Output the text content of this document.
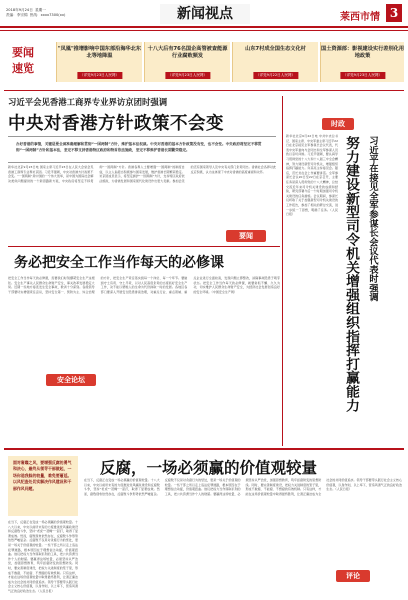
2018年9月24日 星期一
责编：李宗锦 热线：xxxx7300(xx)	新闻视点	莱西市情 3
要闻
速览
"凤凰"推增影响中国东部沿海华北东北等地降温
（详见9月23日人民网）
十八大后有76名国企高管被查能源行业腐败频发
（详见9月23日人民网）
山东7村成全国生态文化村
（详见9月22日人民网）
国土资源部：影视建设实行差别化用地政策
（详见9月23日人民网）
习近平会见香港工商界专业界访京团时强调
中央对香港方针政策不会变
办好香港的事情，关键是要全面准确理解和贯彻“一国两制”方针，维护基本法权威。中央对香港的基本方针政策没有变，也不会变。中央政府将坚定不移贯彻“一国两制”方针和基本法，坚定不移支持香港特区政府和特首依法施政，坚定不移维护香港长期繁荣稳定。
新华社北京9月23日电 国家主席习近平23日在人民大会堂会见香港工商界专业界访京团。习近平强调，中央对香港方针政策不会变。“一国两制”是中国的一个伟大创举，是中国为国际社会解决类似问题提供的一个新思路新方案，中央政府将坚定不移贯彻“一国两制”方针。香港各界人士要增强“一国两制”的制度自信，以主人翁姿态积极参与国家发展，维护香港长期繁荣稳定。访京团成员表示，将坚定拥护“一国两制”方针，支持特区政府依法施政，为香港发展和国家现代化建设作出更大贡献。参加会见的还有国家领导人及中央有关部门负责同志。香港社会各界对此反应积极，认为这体现了中央对香港的高度重视和关怀。
要闻
时政
新华社北京9月22日电 中共中央总书记、国家主席、中央军委主席习近平22日在北京接见全军参谋长会议代表，代表中央军委向与会同志和全军参谋人员致以亲切问候。习近平强调，要认真学习贯彻党的十八大和十八届三中全会精神，努力建设新型司令机关，增强组织指挥打赢能力。许其亮主持接见会。随后，范长龙在会上作重要讲话。全军参谋长会议20日至22日在京召开，主要任务是深入贯彻党的十八大精神，总结交流近年来司令机关建设的成绩和经验，研究部署今后一个时期加强司令机关建设的任务措施。会议期间，参谋长们听取了关于加强新型司令机关建设的工作报告，参加了相关的研讨交流，进一步统一了思想，明确了任务。（人民日报）	习近平在接见全军参谋长会议代表时强调
努力建设新型司令机关增强组织指挥打赢能力
务必把安全工作当作每天的必修课
把安全工作当作每天的必修课，需要我们时刻绷紧安全生产这根弦。安全生产事关人民群众生命财产安全，事关改革发展稳定大局。近期一些地方接连发生安全事故，教训十分深刻。各级领导干部要切实增强责任意识，坚持安全第一、预防为主、综合治理的方针，把安全生产责任落实到每一个岗位、每一个环节。要做到守土有责、守土尽责，以对人民高度负责的态度抓好安全生产工作，决不能以牺牲人的生命为代价换取一时的发展。各地区各部门要深入开展安全隐患排查治理，对重点行业、重点领域、重点企业进行全面检查，发现问题立即整改，消除事故隐患于萌芽状态。把安全工作当作每天的必修课，就要常抓不懈、久久为功，切实维护人民群众生命财产安全，为经济社会发展创造良好的安全环境。（中国安全生产网）
安全论坛
面对奢靡之风，要增强反腐的勇气和决心，最终从领导干部做起，一场你追我躲的较量，难免要蔓延。以风纪查处切实解决作风建设和干部作风问题。
反腐，一场必须赢的价值观较量
在当下，反腐正在变成一场必须赢的价值观较量。十八大以来，中央以前所未有的力度推进党风廉政建设和反腐败斗争，坚持“老虎”“苍蝇”一起打，取得了显著成效。然而，腐败现象依然存在，反腐败斗争形势依然严峻复杂。反腐败不仅是对贪腐行为的惩处，更是一场关于价值观的较量。一些干部之所以走上违法犯罪道路，根本原因在于理想信念动摇，价值观扭曲。他们把权力当作谋取私利的工具，把公共资源当作个人的财富。要赢得这场较量，必须坚持从严治党，加强思想教育，筑牢拒腐防变的思想防线。同时，要完善制度建设，把权力关进制度的笼子里，形成不敢腐、不能腐、不想腐的有效机制。只有这样，才能在这场价值观较量中取得最终胜利，让清正廉洁成为全社会的共同价值追求。领导干部要带头践行社会主义核心价值观，以身作则，以上率下，营造风清气正的良好政治生态。（人民日报）
在当下，反腐正在变成一场必须赢的价值观较量。十八大以来，中央以前所未有的力度推进党风廉政建设和反腐败斗争，坚持“老虎”“苍蝇”一起打，取得了显著成效。然而，腐败现象依然存在，反腐败斗争形势依然严峻复杂。反腐败不仅是对贪腐行为的惩处，更是一场关于价值观的较量。一些干部之所以走上违法犯罪道路，根本原因在于理想信念动摇，价值观扭曲。他们把权力当作谋取私利的工具，把公共资源当作个人的财富。要赢得这场较量，必须坚持从严治党，加强思想教育，筑牢拒腐防变的思想防线。同时，要完善制度建设，把权力关进制度的笼子里，形成不敢腐、不能腐、不想腐的有效机制。只有这样，才能在这场价值观较量中取得最终胜利，让清正廉洁成为全社会的共同价值追求。领导干部要带头践行社会主义核心价值观，以身作则，以上率下，营造风清气正的良好政治生态。（人民日报）
评论
